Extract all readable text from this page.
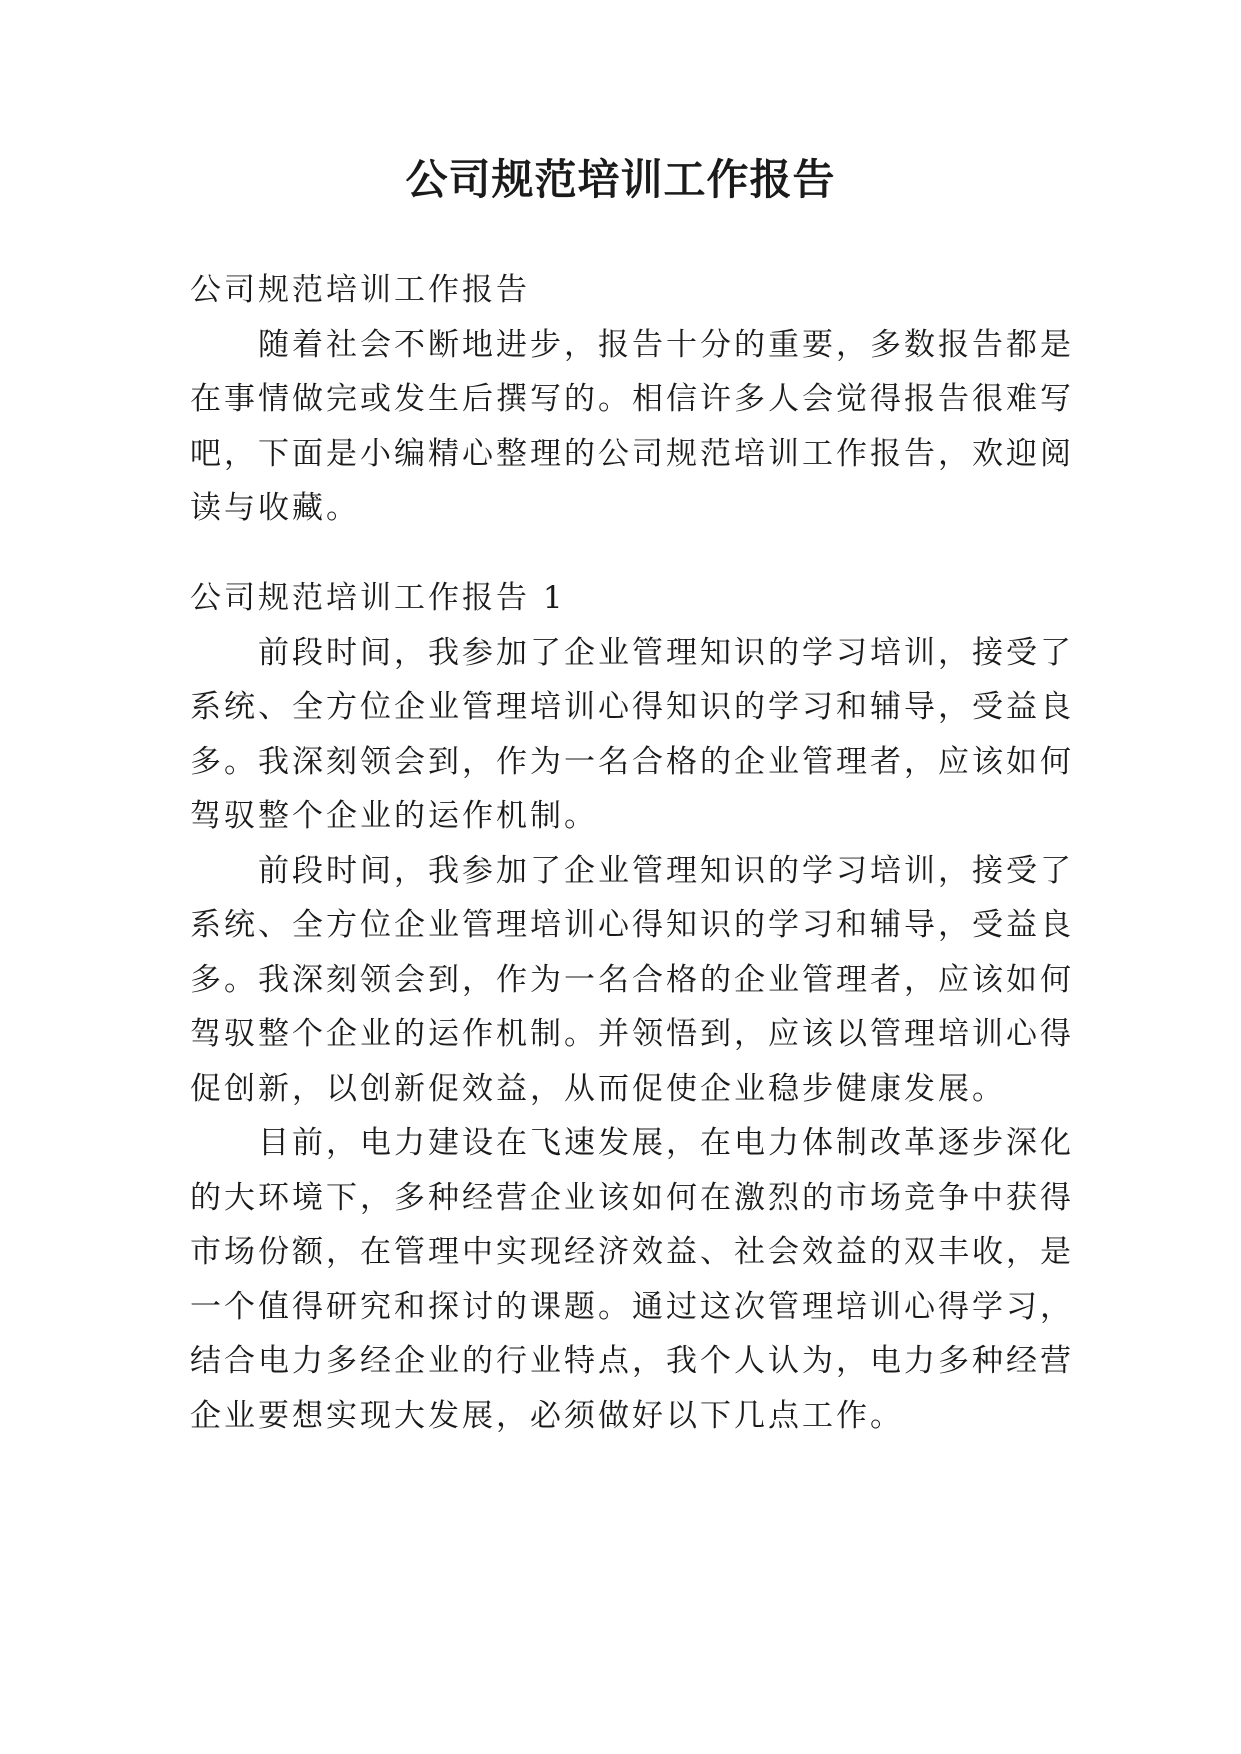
公司规范培训工作报告
公司规范培训工作报告
随着社会不断地进步，报告十分的重要，多数报告都是
在事情做完或发生后撰写的。相信许多人会觉得报告很难写
吧，下面是小编精心整理的公司规范培训工作报告，欢迎阅
读与收藏。
公司规范培训工作报告 1
前段时间，我参加了企业管理知识的学习培训，接受了
系统、全方位企业管理培训心得知识的学习和辅导，受益良
多。我深刻领会到，作为一名合格的企业管理者，应该如何
驾驭整个企业的运作机制。
前段时间，我参加了企业管理知识的学习培训，接受了
系统、全方位企业管理培训心得知识的学习和辅导，受益良
多。我深刻领会到，作为一名合格的企业管理者，应该如何
驾驭整个企业的运作机制。并领悟到，应该以管理培训心得
促创新，以创新促效益，从而促使企业稳步健康发展。
目前，电力建设在飞速发展，在电力体制改革逐步深化
的大环境下，多种经营企业该如何在激烈的市场竞争中获得
市场份额，在管理中实现经济效益、社会效益的双丰收，是
一个值得研究和探讨的课题。通过这次管理培训心得学习，
结合电力多经企业的行业特点，我个人认为，电力多种经营
企业要想实现大发展，必须做好以下几点工作。
